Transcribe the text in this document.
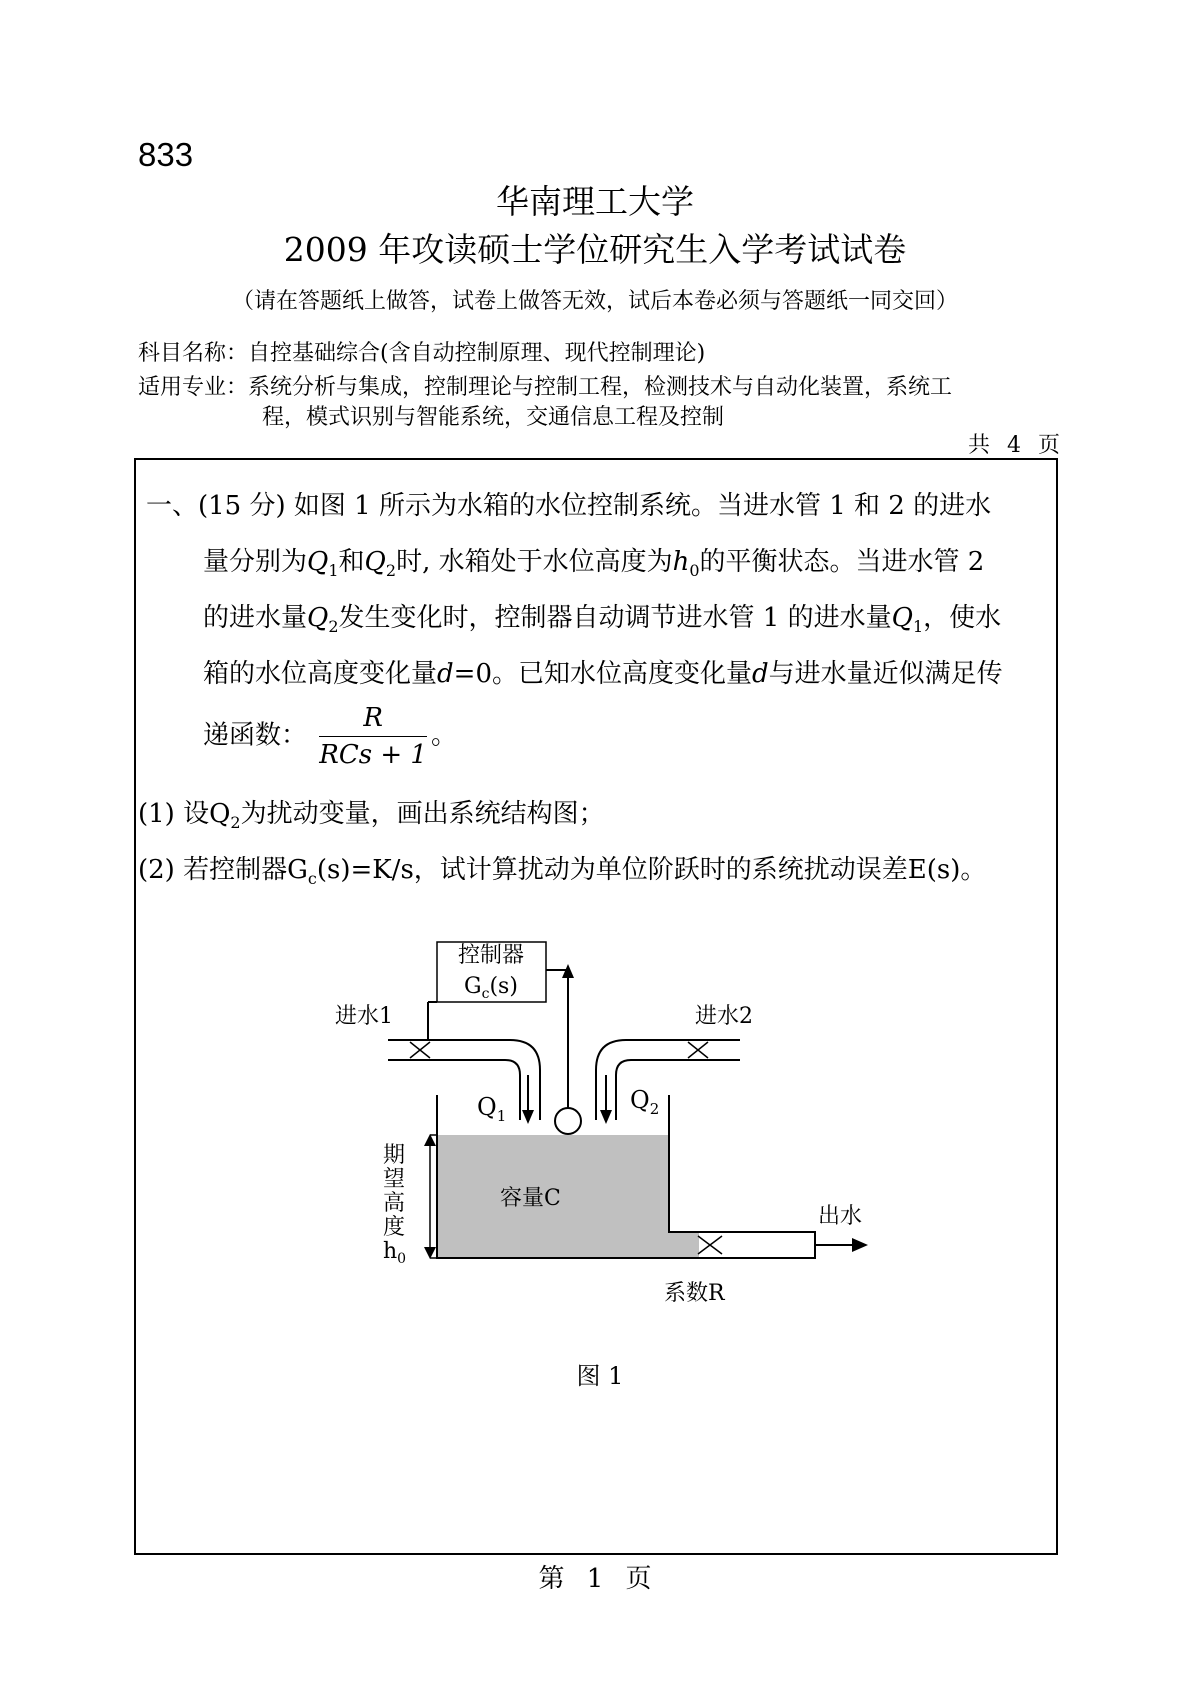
833
华南理工大学
2009 年攻读硕士学位研究生入学考试试卷
（请在答题纸上做答，试卷上做答无效，试后本卷必须与答题纸一同交回）
科目名称：自控基础综合(含自动控制原理、现代控制理论)
适用专业：系统分析与集成，控制理论与控制工程，检测技术与自动化装置，系统工
程，模式识别与智能系统，交通信息工程及控制
共 4 页
一、(15 分) 如图 1 所示为水箱的水位控制系统。当进水管 1 和 2 的进水
量分别为$Q_1$和$Q_2$时, 水箱处于水位高度为$h_0$的平衡状态。当进水管 2
的进水量$Q_2$发生变化时，控制器自动调节进水管 1 的进水量$Q_1$，使水
箱的水位高度变化量d=0。已知水位高度变化量d与进水量近似满足传
递函数： $\frac{R}{\text{RCs + 1}}$ 。
(1) 设$Q_2$为扰动变量，画出系统结构图；
(2) 若控制器$G_c(s)=K/s$，试计算扰动为单位阶跃时的系统扰动误差E(s)。
控制器
$G_c(s)$
进水1	进水2
$Q_1$
$Q_2$
容量C
出水
系数R
期
望
高
度
$h_0$
图 1
第 1 页
